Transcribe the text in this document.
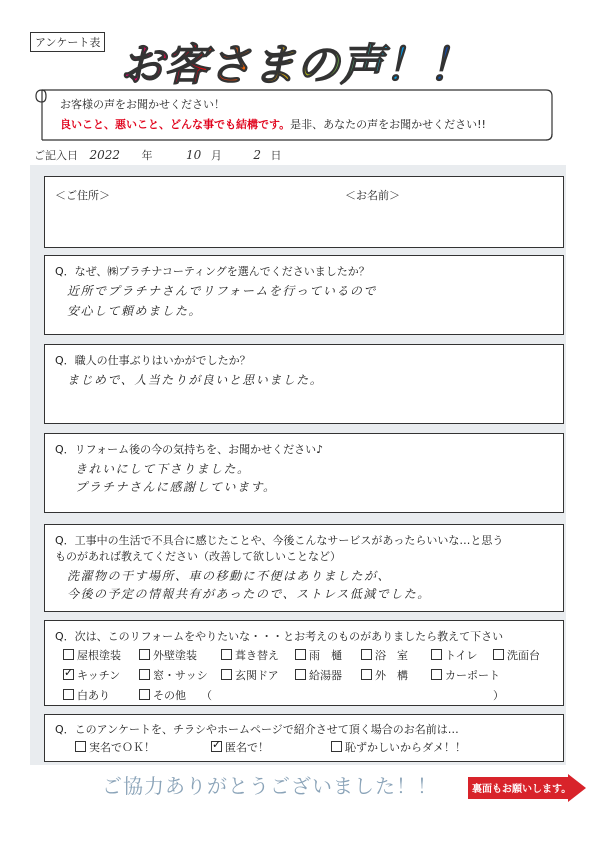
アンケート表 お客さまの声！！
お客様の声をお聞かせください！
良いこと、悪いこと、どんな事でも結構です。是非、あなたの声をお聞かせください!!
ご記入日 2022 年	10 月	2 日
＜ご住所＞	＜お名前＞
Q．なぜ、㈱プラチナコーティングを選んでくださいましたか？
近所でプラチナさんでリフォームを行っているので
安心して頼めました。
Q．職人の仕事ぶりはいかがでしたか？
まじめで、人当たりが良いと思いました。
Q．リフォーム後の今の気持ちを、お聞かせください♪
きれいにして下さりました。
プラチナさんに感謝しています。
Q．工事中の生活で不具合に感じたことや、今後こんなサービスがあったらいいな…と思う
ものがあれば教えてください（改善して欲しいことなど）
洗濯物の干す場所、車の移動に不便はありましたが、
今後の予定の情報共有があったので、ストレス低減でした。
Q．次は、このリフォームをやりたいな・・・とお考えのものがありましたら教えて下さい
屋根塗装	外壁塗装	葺き替え	雨　樋	浴　室	トイレ	洗面台
✓キッチン	窓・サッシ	玄関ドア	給湯器	外　構	カーポート
白あり	その他 （	）
Q．このアンケートを、チラシやホームページで紹介させて頂く場合のお名前は…
実名でＯＫ！
✓	匿名で！	恥ずかしいからダメ！！
ご協力ありがとうございました！！	裏面もお願いします。
